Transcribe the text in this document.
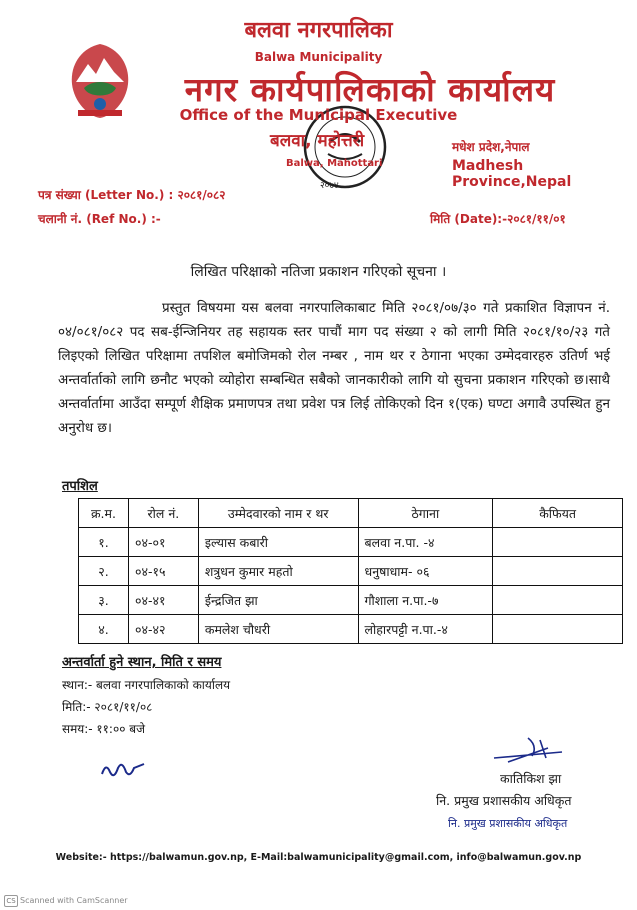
बलवा नगरपालिका
Balwa Municipality
नगर कार्यपालिकाको कार्यालय
Office of the Municipal Executive
बलवा, महोत्तरी
Balwa, Mahottari
मधेश प्रदेश,नेपाल
Madhesh Province,Nepal
२०७४
पत्र संख्या (Letter No.) : २०८१/०८२
चलानी नं. (Ref No.) :-	मिति (Date):-२०८१/११/०१
लिखित परिक्षाको नतिजा प्रकाशन गरिएको सूचना ।
प्रस्तुत विषयमा यस बलवा नगरपालिकाबाट मिति २०८१/०७/३० गते प्रकाशित विज्ञापन नं. ०४/०८१/०८२ पद सब-ईन्जिनियर तह सहायक स्तर पाचौं माग पद संख्या २ को लागी मिति २०८१/१०/२३ गते लिइएको लिखित परिक्षामा तपशिल बमोजिमको रोल नम्बर , नाम थर र ठेगाना भएका उम्मेदवारहरु उतिर्ण भई अन्तर्वार्ताको लागि छनौट भएको व्योहोरा सम्बन्धित सबैको जानकारीको लागि यो सुचना प्रकाशन गरिएको छ।साथै अन्तर्वार्तामा आउँदा सम्पूर्ण शैक्षिक प्रमाणपत्र तथा प्रवेश पत्र लिई तोकिएको दिन १(एक) घण्टा अगावै उपस्थित हुन अनुरोध छ।
तपशिल
क्र.म.	रोल नं.	उम्मेदवारको नाम र थर	ठेगाना	कैफियत
१.	०४-०१	इल्यास कबारी	बलवा न.पा. -४	
२.	०४-१५	शत्रुधन कुमार महतो	धनुषाधाम- ०६	
३.	०४-४१	ईन्द्रजित झा	गौशाला न.पा.-७	
४.	०४-४२	कमलेश चौधरी	लोहारपट्टी न.पा.-४	
अन्तर्वार्ता हुने स्थान, मिति र समय
स्थान:- बलवा नगरपालिकाको कार्यालय
मिति:- २०८१/११/०८
समय:- ११:०० बजे
कातिकिश झा
नि. प्रमुख प्रशासकीय अधिकृत
नि. प्रमुख प्रशासकीय अधिकृत
Website:- https://balwamun.gov.np, E-Mail:balwamunicipality@gmail.com, info@balwamun.gov.np
CS Scanned with CamScanner
